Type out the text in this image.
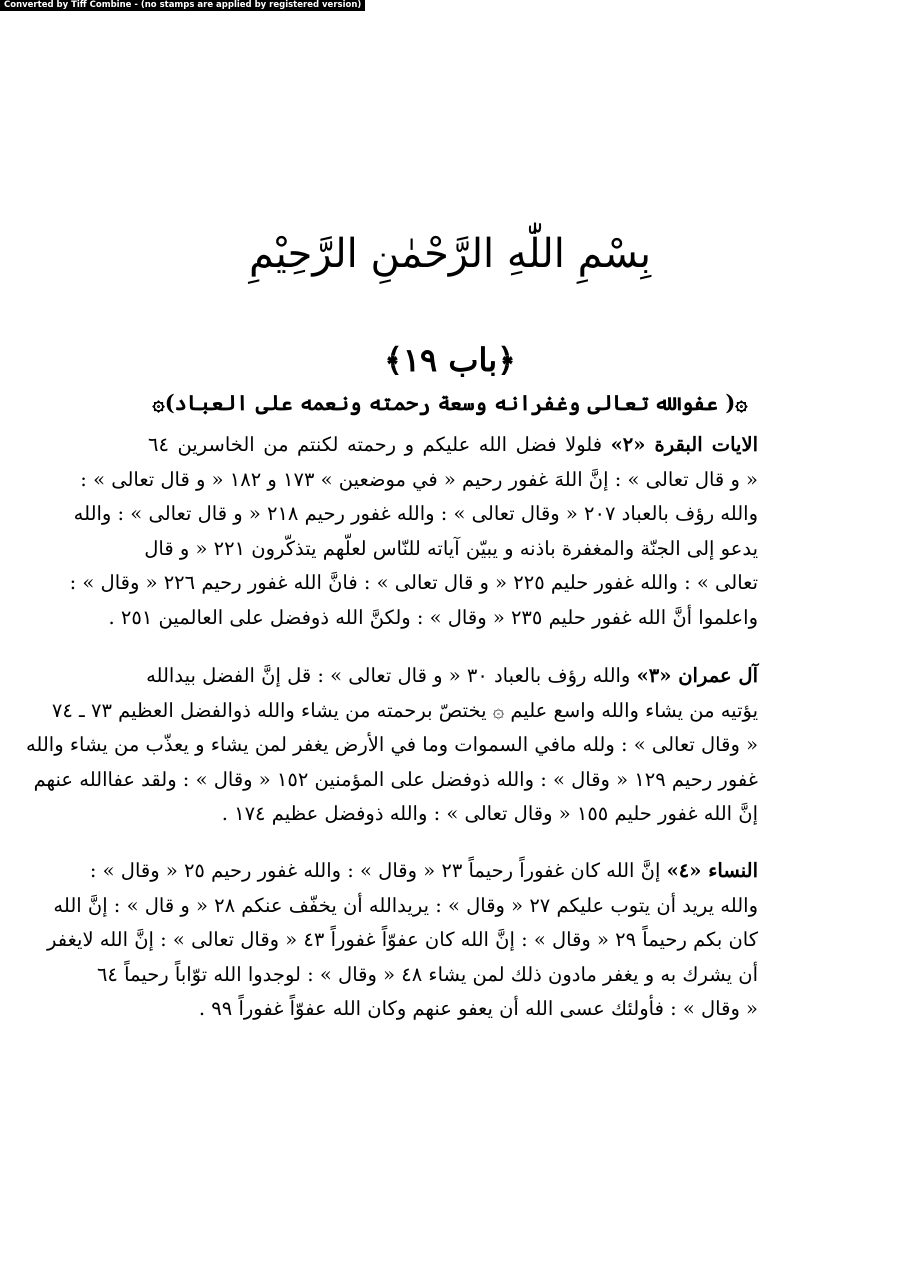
Converted by Tiff Combine - (no stamps are applied by registered version)
بِسْمِ اللّٰهِ الرَّحْمٰنِ الرَّحِيْمِ
﴿باب ١٩﴾
۞( عفوالله تعالى وغفرانه وسعة رحمته ونعمه على العباد)۞
الايات البقرة «٢» فلولا فضل الله عليكم و رحمته لكنتم من الخاسرين ٦٤
« و قال تعالى » : إنَّ اللهَ غفور رحيم « في موضعين » ١٧٣ و ١٨٢ « و قال تعالى » :
والله رؤف بالعباد ٢٠٧ « وقال تعالى » : والله غفور رحيم ٢١٨ « و قال تعالى » : والله
يدعو إلى الجنّة والمغفرة باذنه و يبيّن آياته للنّاس لعلّهم يتذكّرون ٢٢١ « و قال
تعالى » : والله غفور حليم ٢٢٥ « و قال تعالى » : فانَّ الله غفور رحيم ٢٢٦ « وقال » :
واعلموا أنَّ الله غفور حليم ٢٣٥ « وقال » : ولكنَّ الله ذوفضل على العالمين ٢٥١ .
آل عمران «٣» والله رؤف بالعباد ٣٠ « و قال تعالى » : قل إنَّ الفضل بيدالله
يؤتيه من يشاء والله واسع عليم ۞ يختصّ برحمته من يشاء والله ذوالفضل العظيم ٧٣ ـ ٧٤
« وقال تعالى » : ولله مافي السموات وما في الأرض يغفر لمن يشاء و يعذّب من يشاء والله
غفور رحيم ١٢٩ « وقال » : والله ذوفضل على المؤمنين ١٥٢ « وقال » : ولقد عفاالله عنهم
إنَّ الله غفور حليم ١٥٥ « وقال تعالى » : والله ذوفضل عظيم ١٧٤ .
النساء «٤» إنَّ الله كان غفوراً رحيماً ٢٣ « وقال » : والله غفور رحيم ٢٥ « وقال » :
والله يريد أن يتوب عليكم ٢٧ « وقال » : يريدالله أن يخفّف عنكم ٢٨ « و قال » : إنَّ الله
كان بكم رحيماً ٢٩ « وقال » : إنَّ الله كان عفوّاً غفوراً ٤٣ « وقال تعالى » : إنَّ الله لايغفر
أن يشرك به و يغفر مادون ذلك لمن يشاء ٤٨ « وقال » : لوجدوا الله توّاباً رحيماً ٦٤
« وقال » : فأولئك عسى الله أن يعفو عنهم وكان الله عفوّاً غفوراً ٩٩ .
